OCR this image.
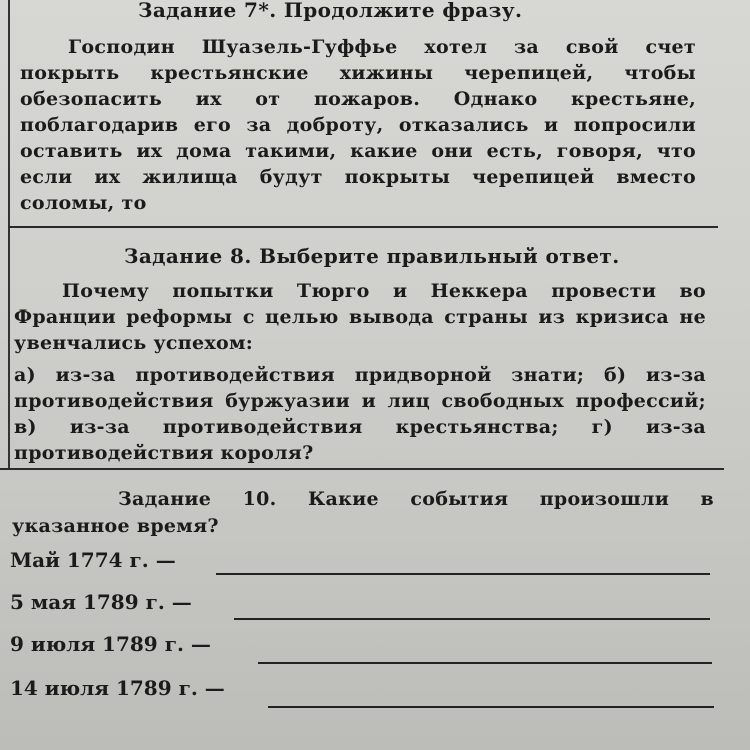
Задание 7*. Продолжите фразу.
Господин Шуазель-Гуффье хотел за свой счет покрыть крестьянские хижины черепицей, чтобы обезопасить их от пожаров. Однако крестьяне, поблагодарив его за доброту, отказались и попросили оставить их дома такими, какие они есть, говоря, что если их жилища будут покрыты черепицей вместо соломы, то
Задание 8. Выберите правильный ответ.
Почему попытки Тюрго и Неккера провести во Франции реформы с целью вывода страны из кризиса не увенчались успехом:
а) из-за противодействия придворной знати; б) из-за противодействия буржуазии и лиц свободных профессий; в) из-за противодействия крестьянства; г) из-за противодействия короля?
Задание 10. Какие события произошли в указанное время?
Май 1774 г. —
5 мая 1789 г. —
9 июля 1789 г. —
14 июля 1789 г. —
